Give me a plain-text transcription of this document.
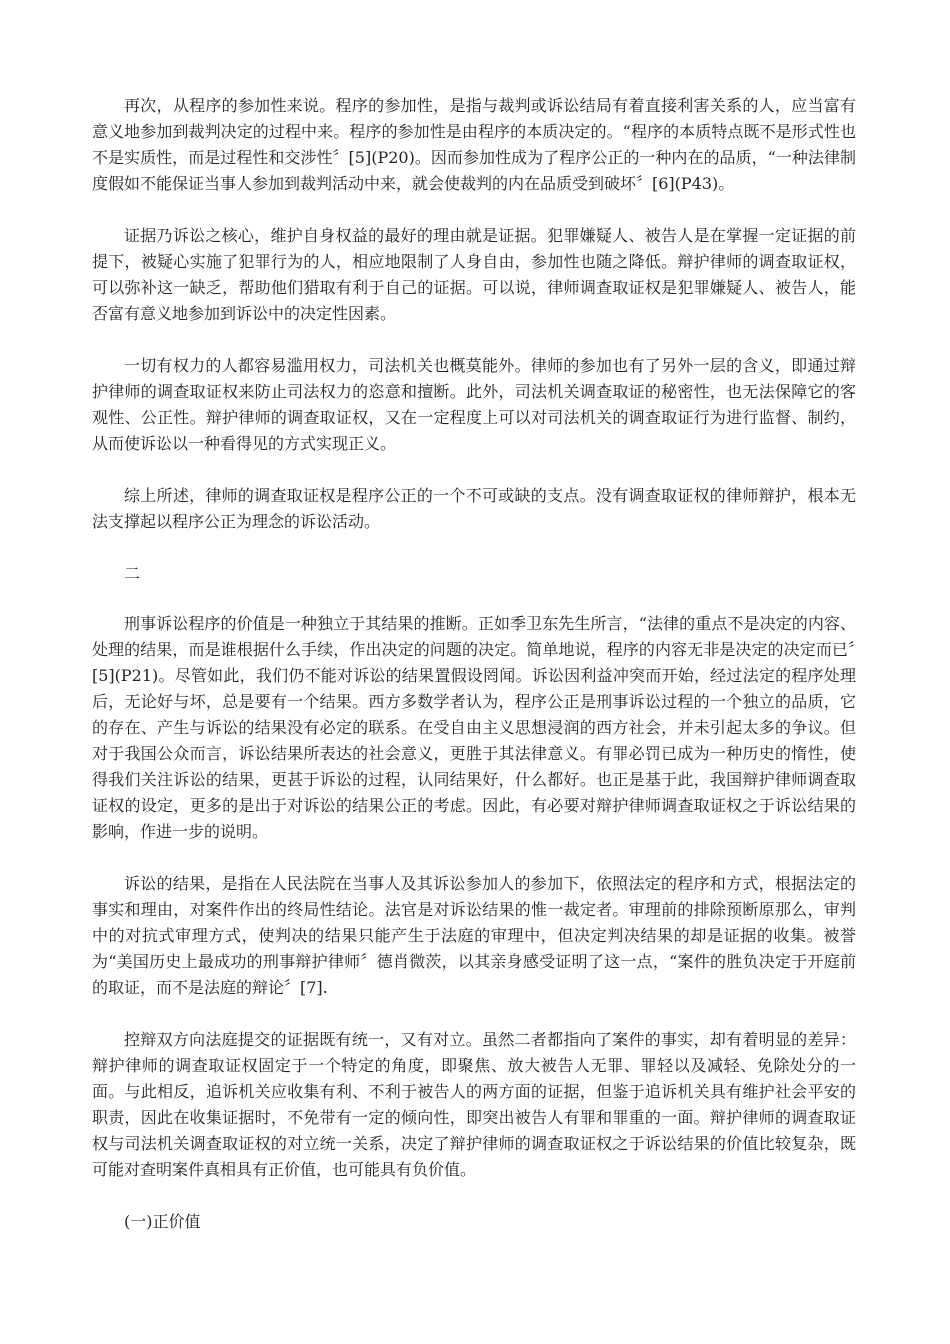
再次，从程序的参加性来说。程序的参加性，是指与裁判或诉讼结局有着直接利害关系的人，应当富有意义地参加到裁判决定的过程中来。程序的参加性是由程序的本质决定的。“程序的本质特点既不是形式性也不是实质性，而是过程性和交涉性〞[5](P20)。因而参加性成为了程序公正的一种内在的品质，“一种法律制度假如不能保证当事人参加到裁判活动中来，就会使裁判的内在品质受到破坏〞[6](P43)。

证据乃诉讼之核心，维护自身权益的最好的理由就是证据。犯罪嫌疑人、被告人是在掌握一定证据的前提下，被疑心实施了犯罪行为的人，相应地限制了人身自由，参加性也随之降低。辩护律师的调查取证权，可以弥补这一缺乏，帮助他们猎取有利于自己的证据。可以说，律师调查取证权是犯罪嫌疑人、被告人，能否富有意义地参加到诉讼中的决定性因素。

一切有权力的人都容易滥用权力，司法机关也概莫能外。律师的参加也有了另外一层的含义，即通过辩护律师的调查取证权来防止司法权力的恣意和擅断。此外，司法机关调查取证的秘密性，也无法保障它的客观性、公正性。辩护律师的调查取证权，又在一定程度上可以对司法机关的调查取证行为进行监督、制约，从而使诉讼以一种看得见的方式实现正义。

综上所述，律师的调查取证权是程序公正的一个不可或缺的支点。没有调查取证权的律师辩护，根本无法支撑起以程序公正为理念的诉讼活动。

二

刑事诉讼程序的价值是一种独立于其结果的推断。正如季卫东先生所言，“法律的重点不是决定的内容、处理的结果，而是谁根据什么手续，作出决定的问题的决定。简单地说，程序的内容无非是决定的决定而已〞[5](P21)。尽管如此，我们仍不能对诉讼的结果置假设罔闻。诉讼因利益冲突而开始，经过法定的程序处理后，无论好与坏，总是要有一个结果。西方多数学者认为，程序公正是刑事诉讼过程的一个独立的品质，它的存在、产生与诉讼的结果没有必定的联系。在受自由主义思想浸润的西方社会，并未引起太多的争议。但对于我国公众而言，诉讼结果所表达的社会意义，更胜于其法律意义。有罪必罚已成为一种历史的惰性，使得我们关注诉讼的结果，更甚于诉讼的过程，认同结果好，什么都好。也正是基于此，我国辩护律师调查取证权的设定，更多的是出于对诉讼的结果公正的考虑。因此，有必要对辩护律师调查取证权之于诉讼结果的影响，作进一步的说明。

诉讼的结果，是指在人民法院在当事人及其诉讼参加人的参加下，依照法定的程序和方式，根据法定的事实和理由，对案件作出的终局性结论。法官是对诉讼结果的惟一裁定者。审理前的排除预断原那么，审判中的对抗式审理方式，使判决的结果只能产生于法庭的审理中，但决定判决结果的却是证据的收集。被誉为“美国历史上最成功的刑事辩护律师〞德肖微茨，以其亲身感受证明了这一点，“案件的胜负决定于开庭前的取证，而不是法庭的辩论〞[7].

控辩双方向法庭提交的证据既有统一，又有对立。虽然二者都指向了案件的事实，却有着明显的差异：辩护律师的调查取证权固定于一个特定的角度，即聚焦、放大被告人无罪、罪轻以及减轻、免除处分的一面。与此相反，追诉机关应收集有利、不利于被告人的两方面的证据，但鉴于追诉机关具有维护社会平安的职责，因此在收集证据时，不免带有一定的倾向性，即突出被告人有罪和罪重的一面。辩护律师的调查取证权与司法机关调查取证权的对立统一关系，决定了辩护律师的调查取证权之于诉讼结果的价值比较复杂，既可能对查明案件真相具有正价值，也可能具有负价值。

(一)正价值
